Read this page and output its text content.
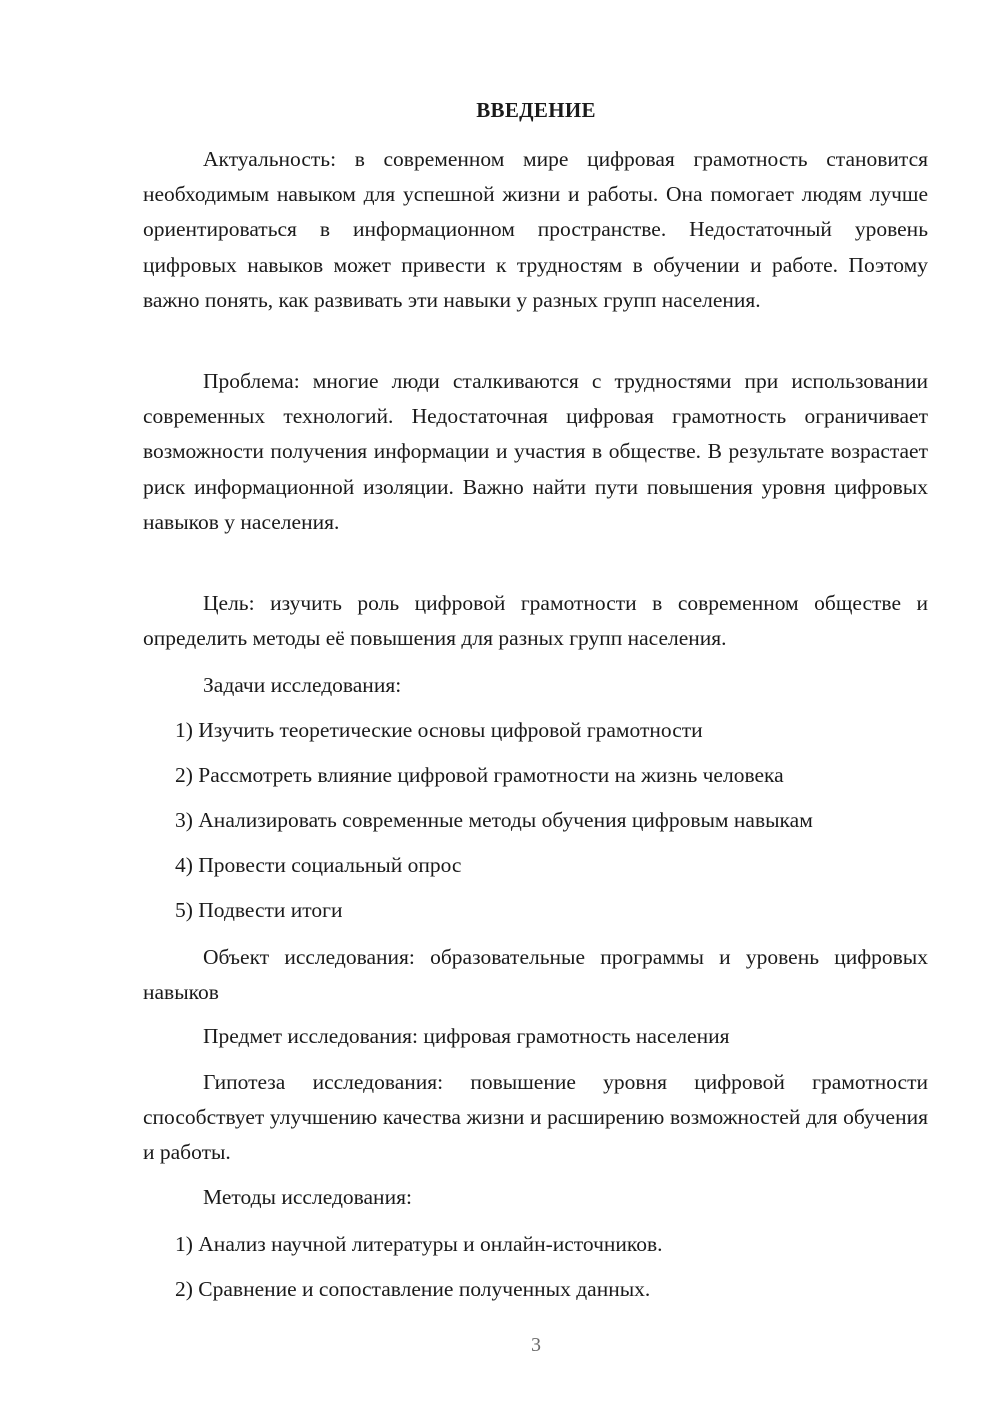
ВВЕДЕНИЕ

Актуальность: в современном мире цифровая грамотность становится необходимым навыком для успешной жизни и работы. Она помогает людям лучше ориентироваться в информационном пространстве. Недостаточный уровень цифровых навыков может привести к трудностям в обучении и работе. Поэтому важно понять, как развивать эти навыки у разных групп населения.

Проблема: многие люди сталкиваются с трудностями при использовании современных технологий. Недостаточная цифровая грамотность ограничивает возможности получения информации и участия в обществе. В результате возрастает риск информационной изоляции. Важно найти пути повышения уровня цифровых навыков у населения.

Цель: изучить роль цифровой грамотности в современном обществе и определить методы её повышения для разных групп населения.

Задачи исследования:

1) Изучить теоретические основы цифровой грамотности

2) Рассмотреть влияние цифровой грамотности на жизнь человека

3) Анализировать современные методы обучения цифровым навыкам

4) Провести социальный опрос

5) Подвести итоги

Объект исследования: образовательные программы и уровень цифровых навыков

Предмет исследования: цифровая грамотность населения

Гипотеза исследования: повышение уровня цифровой грамотности способствует улучшению качества жизни и расширению возможностей для обучения и работы.

Методы исследования:

1) Анализ научной литературы и онлайн-источников.

2) Сравнение и сопоставление полученных данных.

3
